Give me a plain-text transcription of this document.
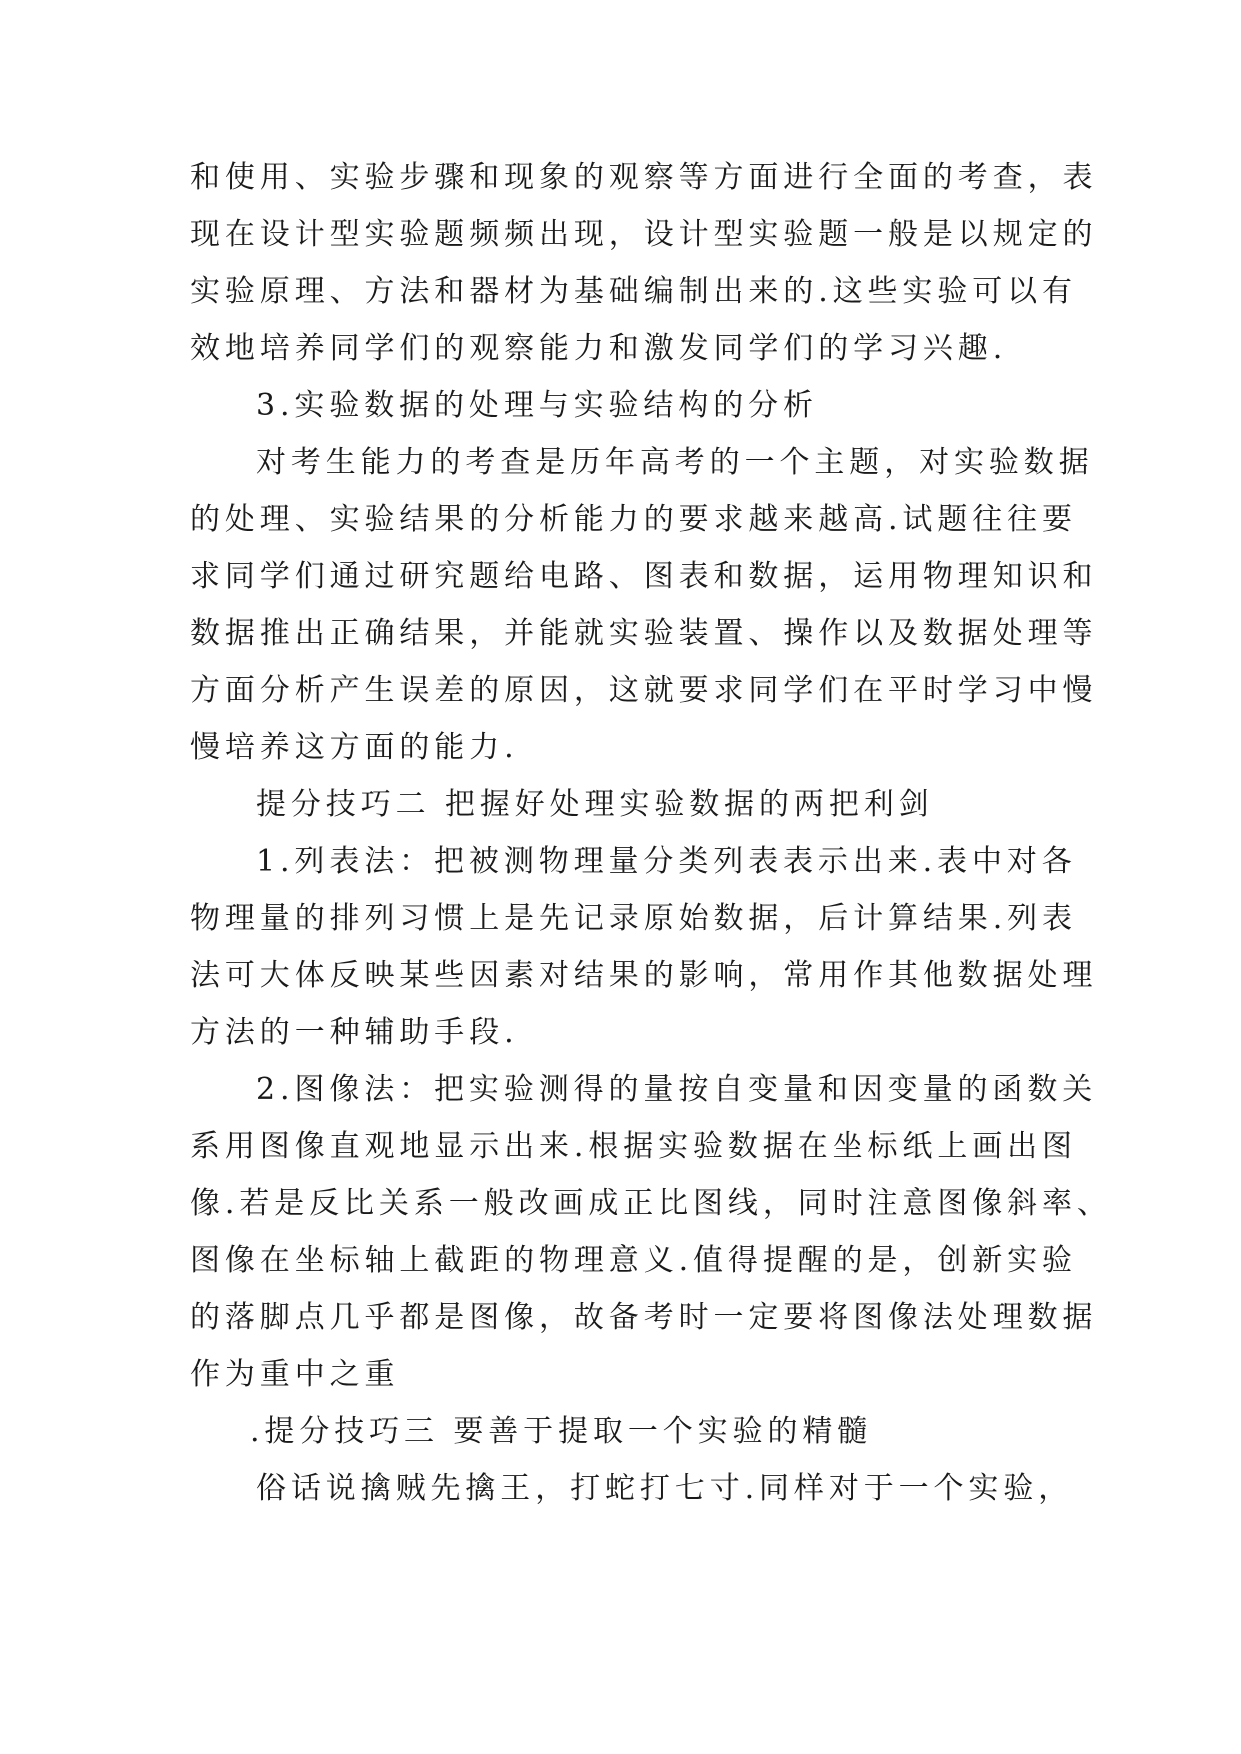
和使用、实验步骤和现象的观察等方面进行全面的考查，表
现在设计型实验题频频出现，设计型实验题一般是以规定的
实验原理、方法和器材为基础编制出来的.这些实验可以有
效地培养同学们的观察能力和激发同学们的学习兴趣.
3.实验数据的处理与实验结构的分析
对考生能力的考查是历年高考的一个主题，对实验数据
的处理、实验结果的分析能力的要求越来越高.试题往往要
求同学们通过研究题给电路、图表和数据，运用物理知识和
数据推出正确结果，并能就实验装置、操作以及数据处理等
方面分析产生误差的原因，这就要求同学们在平时学习中慢
慢培养这方面的能力.
提分技巧二 把握好处理实验数据的两把利剑
1.列表法：把被测物理量分类列表表示出来.表中对各
物理量的排列习惯上是先记录原始数据，后计算结果.列表
法可大体反映某些因素对结果的影响，常用作其他数据处理
方法的一种辅助手段.
2.图像法：把实验测得的量按自变量和因变量的函数关
系用图像直观地显示出来.根据实验数据在坐标纸上画出图
像.若是反比关系一般改画成正比图线，同时注意图像斜率、
图像在坐标轴上截距的物理意义.值得提醒的是，创新实验
的落脚点几乎都是图像，故备考时一定要将图像法处理数据
作为重中之重
.提分技巧三 要善于提取一个实验的精髓
俗话说擒贼先擒王，打蛇打七寸.同样对于一个实验，
